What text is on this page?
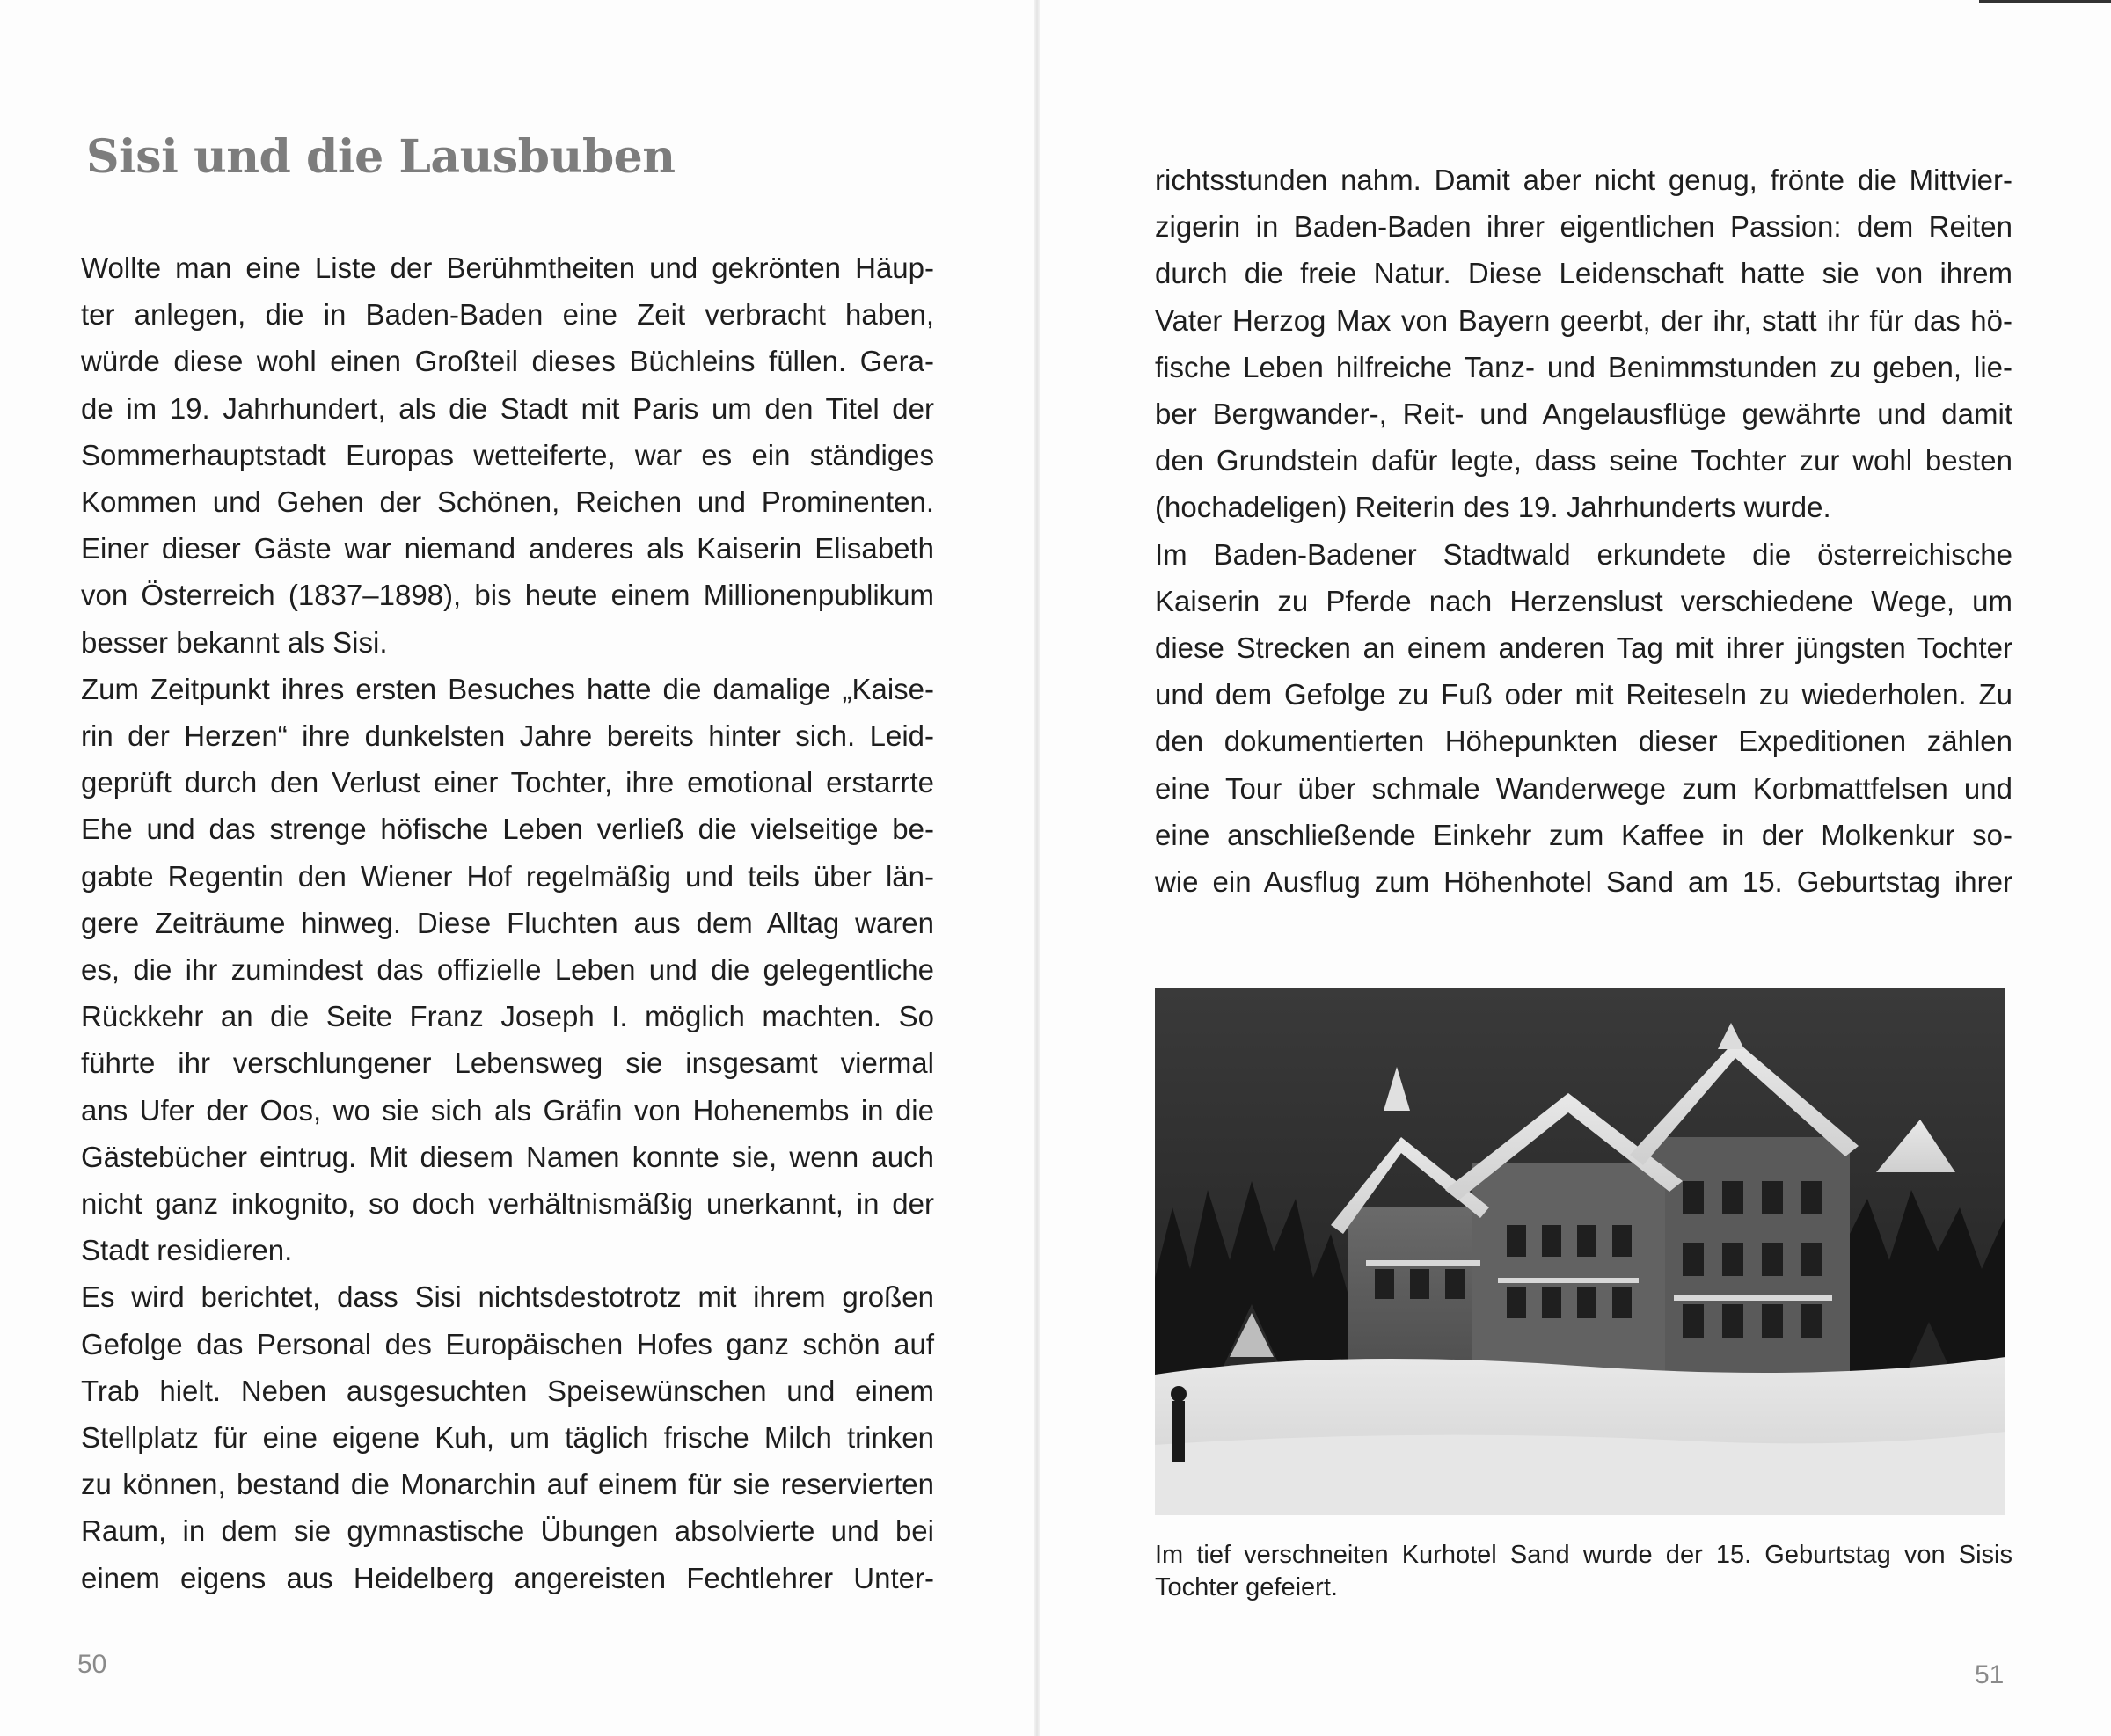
Sisi und die Lausbuben
Wollte man eine Liste der Berühmtheiten und gekrönten Häup-
ter anlegen, die in Baden-Baden eine Zeit verbracht haben,
würde diese wohl einen Großteil dieses Büchleins füllen. Gera-
de im 19. Jahrhundert, als die Stadt mit Paris um den Titel der
Sommerhauptstadt Europas wetteiferte, war es ein ständiges
Kommen und Gehen der Schönen, Reichen und Prominenten.
Einer dieser Gäste war niemand anderes als Kaiserin Elisabeth
von Österreich (1837–1898), bis heute einem Millionenpublikum
besser bekannt als Sisi.
Zum Zeitpunkt ihres ersten Besuches hatte die damalige „Kaise-
rin der Herzen“ ihre dunkelsten Jahre bereits hinter sich. Leid-
geprüft durch den Verlust einer Tochter, ihre emotional erstarrte
Ehe und das strenge höfische Leben verließ die vielseitige be-
gabte Regentin den Wiener Hof regelmäßig und teils über län-
gere Zeiträume hinweg. Diese Fluchten aus dem Alltag waren
es, die ihr zumindest das offizielle Leben und die gelegentliche
Rückkehr an die Seite Franz Joseph I. möglich machten. So
führte ihr verschlungener Lebensweg sie insgesamt viermal
ans Ufer der Oos, wo sie sich als Gräfin von Hohenembs in die
Gästebücher eintrug. Mit diesem Namen konnte sie, wenn auch
nicht ganz inkognito, so doch verhältnismäßig unerkannt, in der
Stadt residieren.
Es wird berichtet, dass Sisi nichtsdestotrotz mit ihrem großen
Gefolge das Personal des Europäischen Hofes ganz schön auf
Trab hielt. Neben ausgesuchten Speisewünschen und einem
Stellplatz für eine eigene Kuh, um täglich frische Milch trinken
zu können, bestand die Monarchin auf einem für sie reservierten
Raum, in dem sie gymnastische Übungen absolvierte und bei
einem eigens aus Heidelberg angereisten Fechtlehrer Unter-
50
richtsstunden nahm. Damit aber nicht genug, frönte die Mittvier-
zigerin in Baden-Baden ihrer eigentlichen Passion: dem Reiten
durch die freie Natur. Diese Leidenschaft hatte sie von ihrem
Vater Herzog Max von Bayern geerbt, der ihr, statt ihr für das hö-
fische Leben hilfreiche Tanz- und Benimmstunden zu geben, lie-
ber Bergwander-, Reit- und Angelausflüge gewährte und damit
den Grundstein dafür legte, dass seine Tochter zur wohl besten
(hochadeligen) Reiterin des 19. Jahrhunderts wurde.
Im Baden-Badener Stadtwald erkundete die österreichische
Kaiserin zu Pferde nach Herzenslust verschiedene Wege, um
diese Strecken an einem anderen Tag mit ihrer jüngsten Tochter
und dem Gefolge zu Fuß oder mit Reiteseln zu wiederholen. Zu
den dokumentierten Höhepunkten dieser Expeditionen zählen
eine Tour über schmale Wanderwege zum Korbmattfelsen und
eine anschließende Einkehr zum Kaffee in der Molkenkur so-
wie ein Ausflug zum Höhenhotel Sand am 15. Geburtstag ihrer
Im tief verschneiten Kurhotel Sand wurde der 15. Geburtstag von Sisis
Tochter gefeiert.
51
